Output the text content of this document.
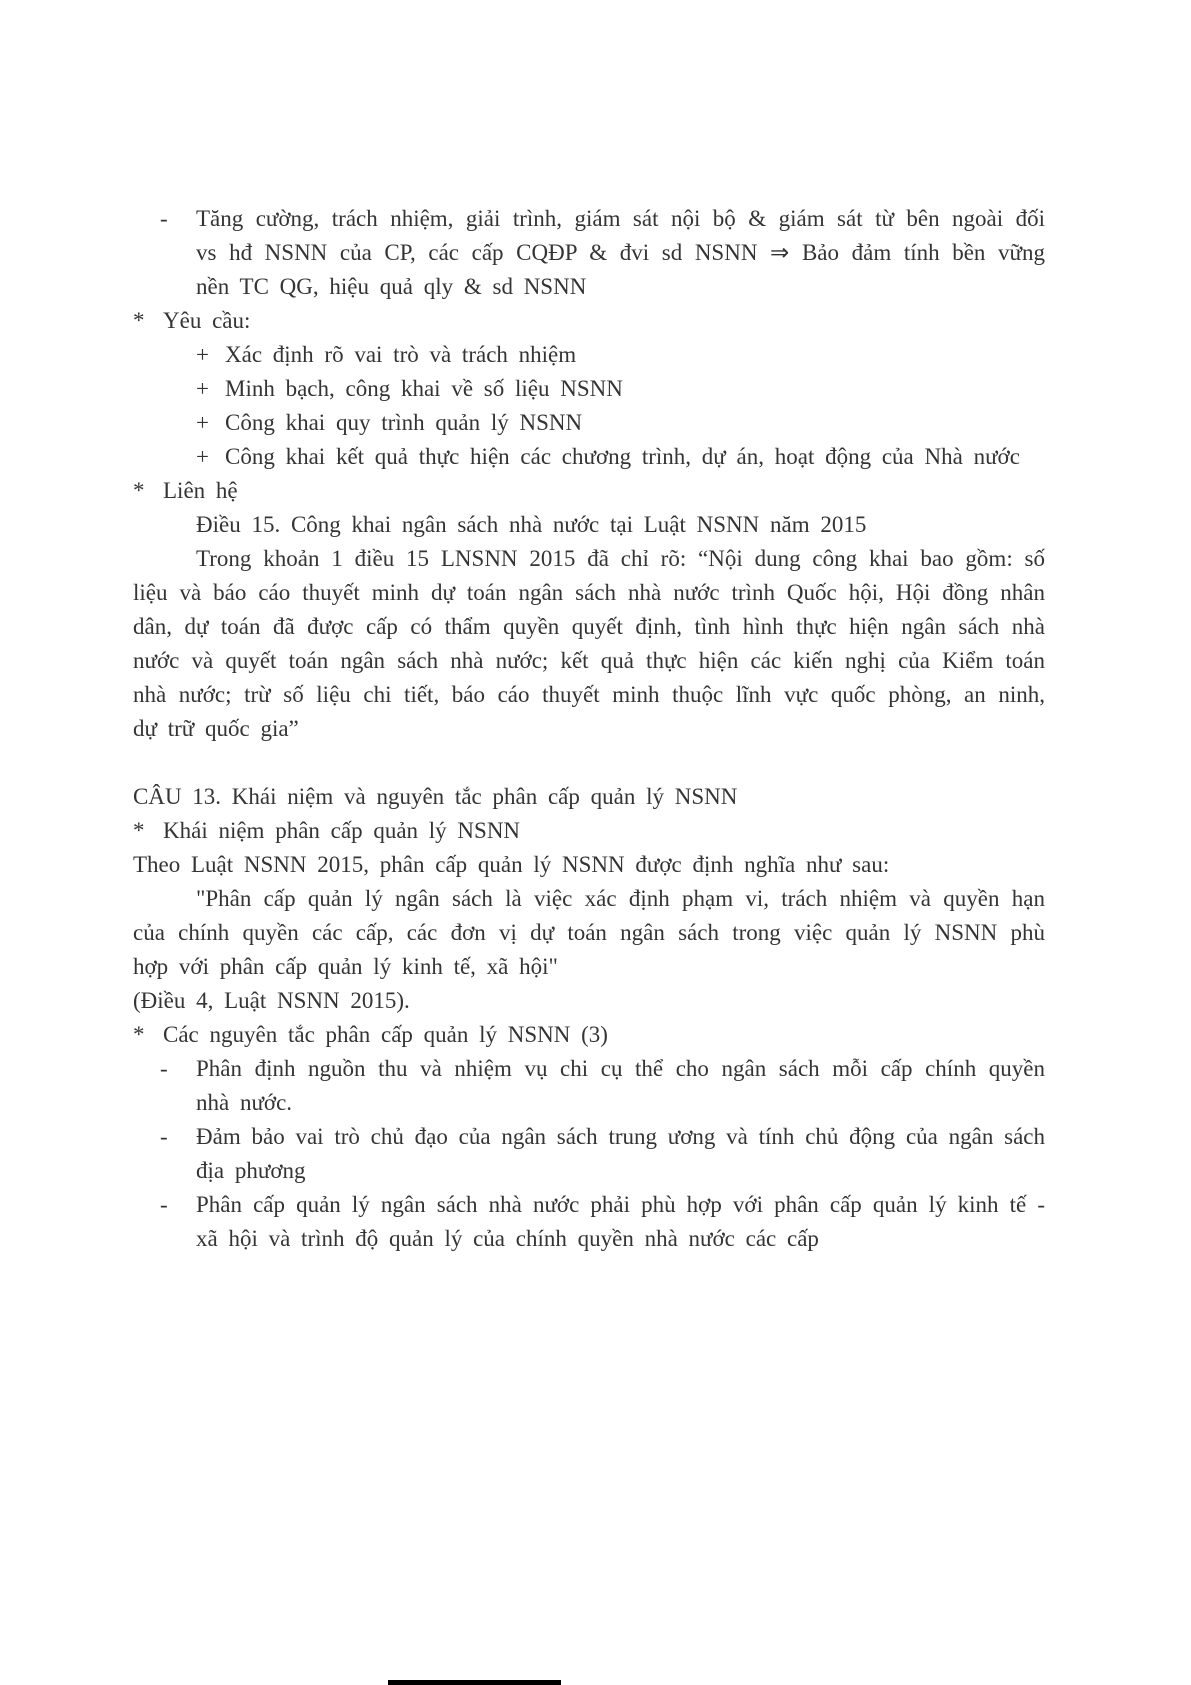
- Tăng cường, trách nhiệm, giải trình, giám sát nội bộ & giám sát từ bên ngoài đối vs hđ NSNN của CP, các cấp CQĐP & đvi sd NSNN ⇒ Bảo đảm tính bền vững nền TC QG, hiệu quả qly & sd NSNN
* Yêu cầu:
+ Xác định rõ vai trò và trách nhiệm
+ Minh bạch, công khai về số liệu NSNN
+ Công khai quy trình quản lý NSNN
+ Công khai kết quả thực hiện các chương trình, dự án, hoạt động của Nhà nước
* Liên hệ

Điều 15. Công khai ngân sách nhà nước tại Luật NSNN năm 2015

Trong khoản 1 điều 15 LNSNN 2015 đã chỉ rõ: “Nội dung công khai bao gồm: số liệu và báo cáo thuyết minh dự toán ngân sách nhà nước trình Quốc hội, Hội đồng nhân dân, dự toán đã được cấp có thẩm quyền quyết định, tình hình thực hiện ngân sách nhà nước và quyết toán ngân sách nhà nước; kết quả thực hiện các kiến nghị của Kiểm toán nhà nước; trừ số liệu chi tiết, báo cáo thuyết minh thuộc lĩnh vực quốc phòng, an ninh, dự trữ quốc gia”

CÂU 13. Khái niệm và nguyên tắc phân cấp quản lý NSNN

* Khái niệm phân cấp quản lý NSNN

Theo Luật NSNN 2015, phân cấp quản lý NSNN được định nghĩa như sau:

"Phân cấp quản lý ngân sách là việc xác định phạm vi, trách nhiệm và quyền hạn của chính quyền các cấp, các đơn vị dự toán ngân sách trong việc quản lý NSNN phù hợp với phân cấp quản lý kinh tế, xã hội"

(Điều 4, Luật NSNN 2015).

* Các nguyên tắc phân cấp quản lý NSNN (3)
- Phân định nguồn thu và nhiệm vụ chi cụ thể cho ngân sách mỗi cấp chính quyền nhà nước.
- Đảm bảo vai trò chủ đạo của ngân sách trung ương và tính chủ động của ngân sách địa phương
- Phân cấp quản lý ngân sách nhà nước phải phù hợp với phân cấp quản lý kinh tế - xã hội và trình độ quản lý của chính quyền nhà nước các cấp
